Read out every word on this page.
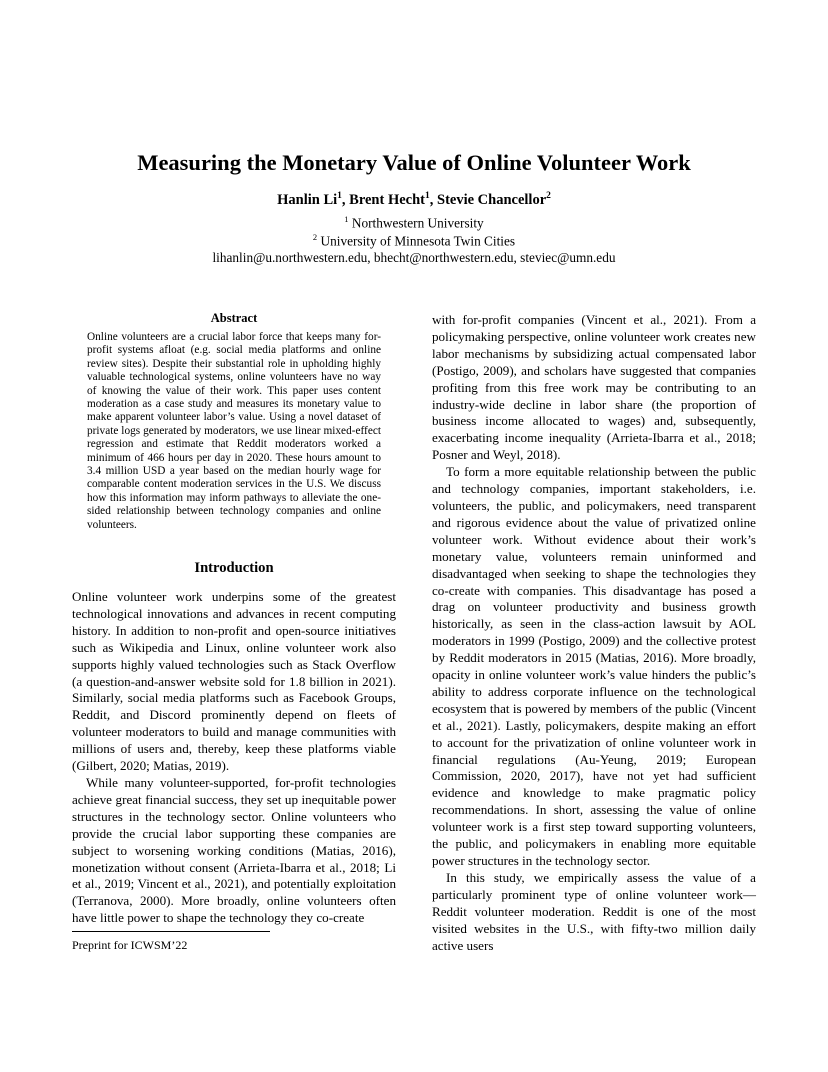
Measuring the Monetary Value of Online Volunteer Work
Hanlin Li$^1$, Brent Hecht$^1$, Stevie Chancellor$^2$
$^1$ Northwestern University
$^2$ University of Minnesota Twin Cities
lihanlin@u.northwestern.edu, bhecht@northwestern.edu, steviec@umn.edu
Abstract
Online volunteers are a crucial labor force that keeps many for-profit systems afloat (e.g. social media platforms and online review sites). Despite their substantial role in upholding highly valuable technological systems, online volunteers have no way of knowing the value of their work. This paper uses content moderation as a case study and measures its monetary value to make apparent volunteer labor’s value. Using a novel dataset of private logs generated by moderators, we use linear mixed-effect regression and estimate that Reddit moderators worked a minimum of 466 hours per day in 2020. These hours amount to 3.4 million USD a year based on the median hourly wage for comparable content moderation services in the U.S. We discuss how this information may inform pathways to alleviate the one-sided relationship between technology companies and online volunteers.
Introduction

Online volunteer work underpins some of the greatest technological innovations and advances in recent computing history. In addition to non-profit and open-source initiatives such as Wikipedia and Linux, online volunteer work also supports highly valued technologies such as Stack Overflow (a question-and-answer website sold for 1.8 billion in 2021). Similarly, social media platforms such as Facebook Groups, Reddit, and Discord prominently depend on fleets of volunteer moderators to build and manage communities with millions of users and, thereby, keep these platforms viable (Gilbert, 2020; Matias, 2019).

While many volunteer-supported, for-profit technologies achieve great financial success, they set up inequitable power structures in the technology sector. Online volunteers who provide the crucial labor supporting these companies are subject to worsening working conditions (Matias, 2016), monetization without consent (Arrieta-Ibarra et al., 2018; Li et al., 2019; Vincent et al., 2021), and potentially exploitation (Terranova, 2000). More broadly, online volunteers often have little power to shape the technology they co-create

with for-profit companies (Vincent et al., 2021). From a policymaking perspective, online volunteer work creates new labor mechanisms by subsidizing actual compensated labor (Postigo, 2009), and scholars have suggested that companies profiting from this free work may be contributing to an industry-wide decline in labor share (the proportion of business income allocated to wages) and, subsequently, exacerbating income inequality (Arrieta-Ibarra et al., 2018; Posner and Weyl, 2018).

To form a more equitable relationship between the public and technology companies, important stakeholders, i.e. volunteers, the public, and policymakers, need transparent and rigorous evidence about the value of privatized online volunteer work. Without evidence about their work’s monetary value, volunteers remain uninformed and disadvantaged when seeking to shape the technologies they co-create with companies. This disadvantage has posed a drag on volunteer productivity and business growth historically, as seen in the class-action lawsuit by AOL moderators in 1999 (Postigo, 2009) and the collective protest by Reddit moderators in 2015 (Matias, 2016). More broadly, opacity in online volunteer work’s value hinders the public’s ability to address corporate influence on the technological ecosystem that is powered by members of the public (Vincent et al., 2021). Lastly, policymakers, despite making an effort to account for the privatization of online volunteer work in financial regulations (Au-Yeung, 2019; European Commission, 2020, 2017), have not yet had sufficient evidence and knowledge to make pragmatic policy recommendations. In short, assessing the value of online volunteer work is a first step toward supporting volunteers, the public, and policymakers in enabling more equitable power structures in the technology sector.

In this study, we empirically assess the value of a particularly prominent type of online volunteer work—Reddit volunteer moderation. Reddit is one of the most visited websites in the U.S., with fifty-two million daily active users

Preprint for ICWSM’22
